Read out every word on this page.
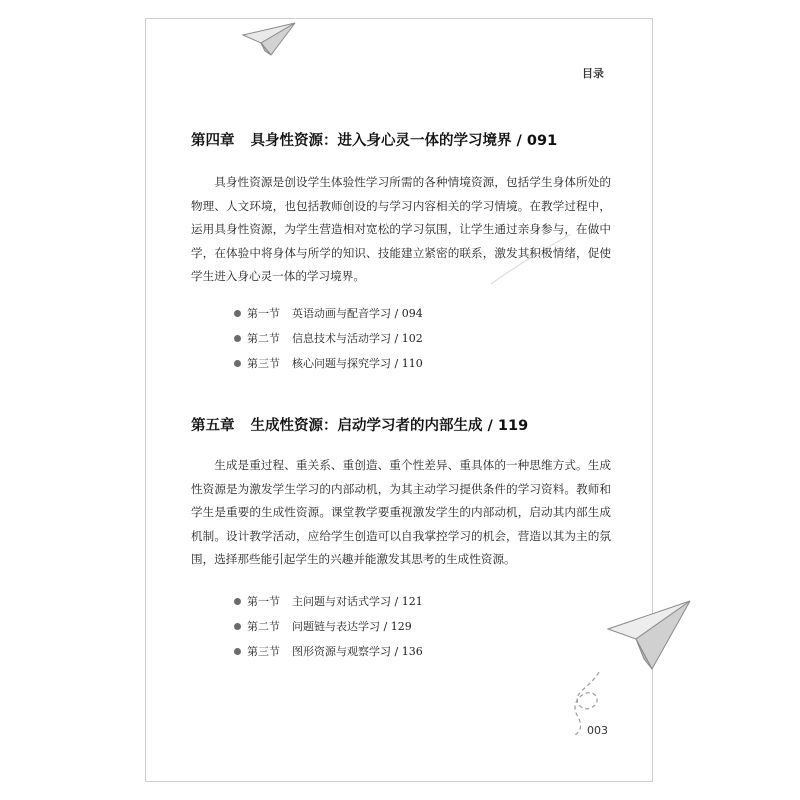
目录
第四章 具身性资源：进入身心灵一体的学习境界 / 091

具身性资源是创设学生体验性学习所需的各种情境资源，包括学生身体所处的物理、人文环境，也包括教师创设的与学习内容相关的学习情境。在教学过程中，运用具身性资源，为学生营造相对宽松的学习氛围，让学生通过亲身参与，在做中学，在体验中将身体与所学的知识、技能建立紧密的联系，激发其积极情绪，促使学生进入身心灵一体的学习境界。

第一节 英语动画与配音学习 / 094
第二节 信息技术与活动学习 / 102
第三节 核心问题与探究学习 / 110
第五章 生成性资源：启动学习者的内部生成 / 119

生成是重过程、重关系、重创造、重个性差异、重具体的一种思维方式。生成性资源是为激发学生学习的内部动机，为其主动学习提供条件的学习资料。教师和学生是重要的生成性资源。课堂教学要重视激发学生的内部动机，启动其内部生成机制。设计教学活动，应给学生创造可以自我掌控学习的机会，营造以其为主的氛围，选择那些能引起学生的兴趣并能激发其思考的生成性资源。

第一节 主问题与对话式学习 / 121
第二节 问题链与表达学习 / 129
第三节 图形资源与观察学习 / 136
003
